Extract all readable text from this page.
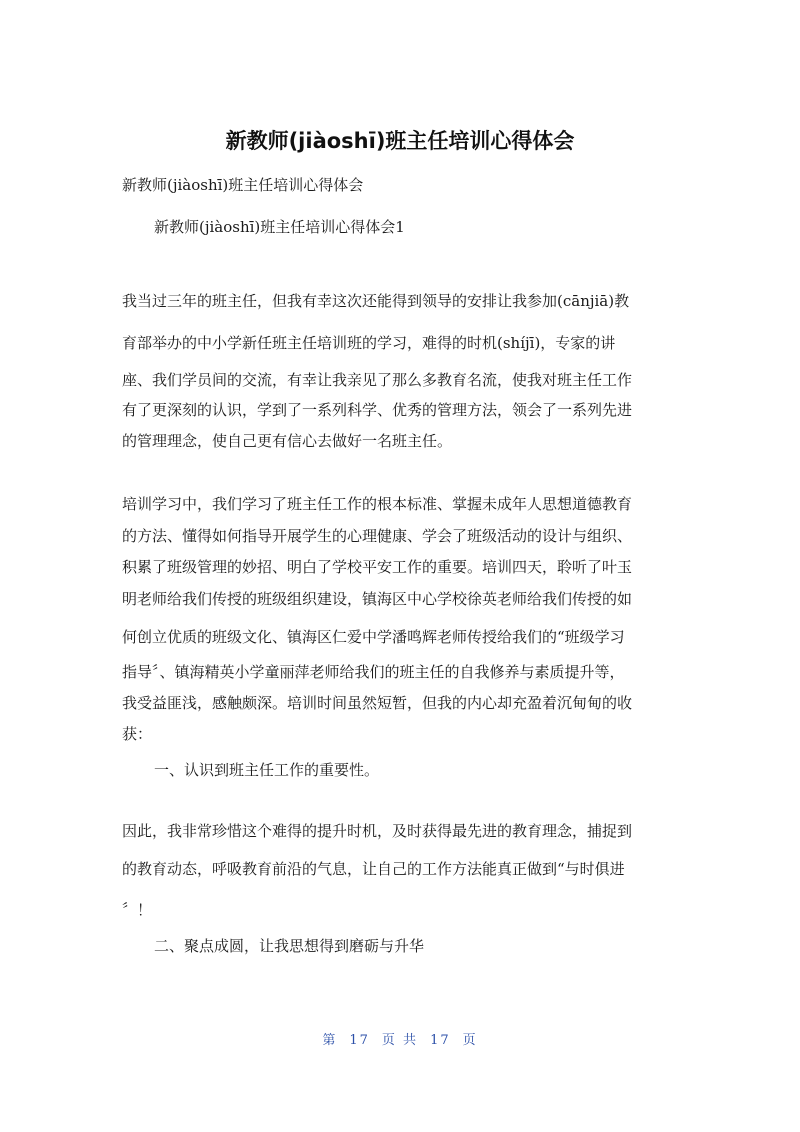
新教师(jiàoshī)班主任培训心得体会
新教师(jiàoshī)班主任培训心得体会
新教师(jiàoshī)班主任培训心得体会1
我当过三年的班主任，但我有幸这次还能得到领导的安排让我参加(cānjiā)教
育部举办的中小学新任班主任培训班的学习，难得的时机(shíjī)，专家的讲
座、我们学员间的交流，有幸让我亲见了那么多教育名流，使我对班主任工作
有了更深刻的认识，学到了一系列科学、优秀的管理方法，领会了一系列先进
的管理理念，使自己更有信心去做好一名班主任。
培训学习中，我们学习了班主任工作的根本标准、掌握未成年人思想道德教育
的方法、懂得如何指导开展学生的心理健康、学会了班级活动的设计与组织、
积累了班级管理的妙招、明白了学校平安工作的重要。培训四天，聆听了叶玉
明老师给我们传授的班级组织建设，镇海区中心学校徐英老师给我们传授的如
何创立优质的班级文化、镇海区仁爱中学潘鸣辉老师传授给我们的“班级学习
指导〞、镇海精英小学童丽萍老师给我们的班主任的自我修养与素质提升等，
我受益匪浅，感触颇深。培训时间虽然短暂，但我的内心却充盈着沉甸甸的收
获：
一、认识到班主任工作的重要性。
因此，我非常珍惜这个难得的提升时机，及时获得最先进的教育理念，捕捉到
的教育动态，呼吸教育前沿的气息，让自己的工作方法能真正做到“与时俱进
〞！
二、聚点成圆，让我思想得到磨砺与升华
第 17 页 共 17 页
